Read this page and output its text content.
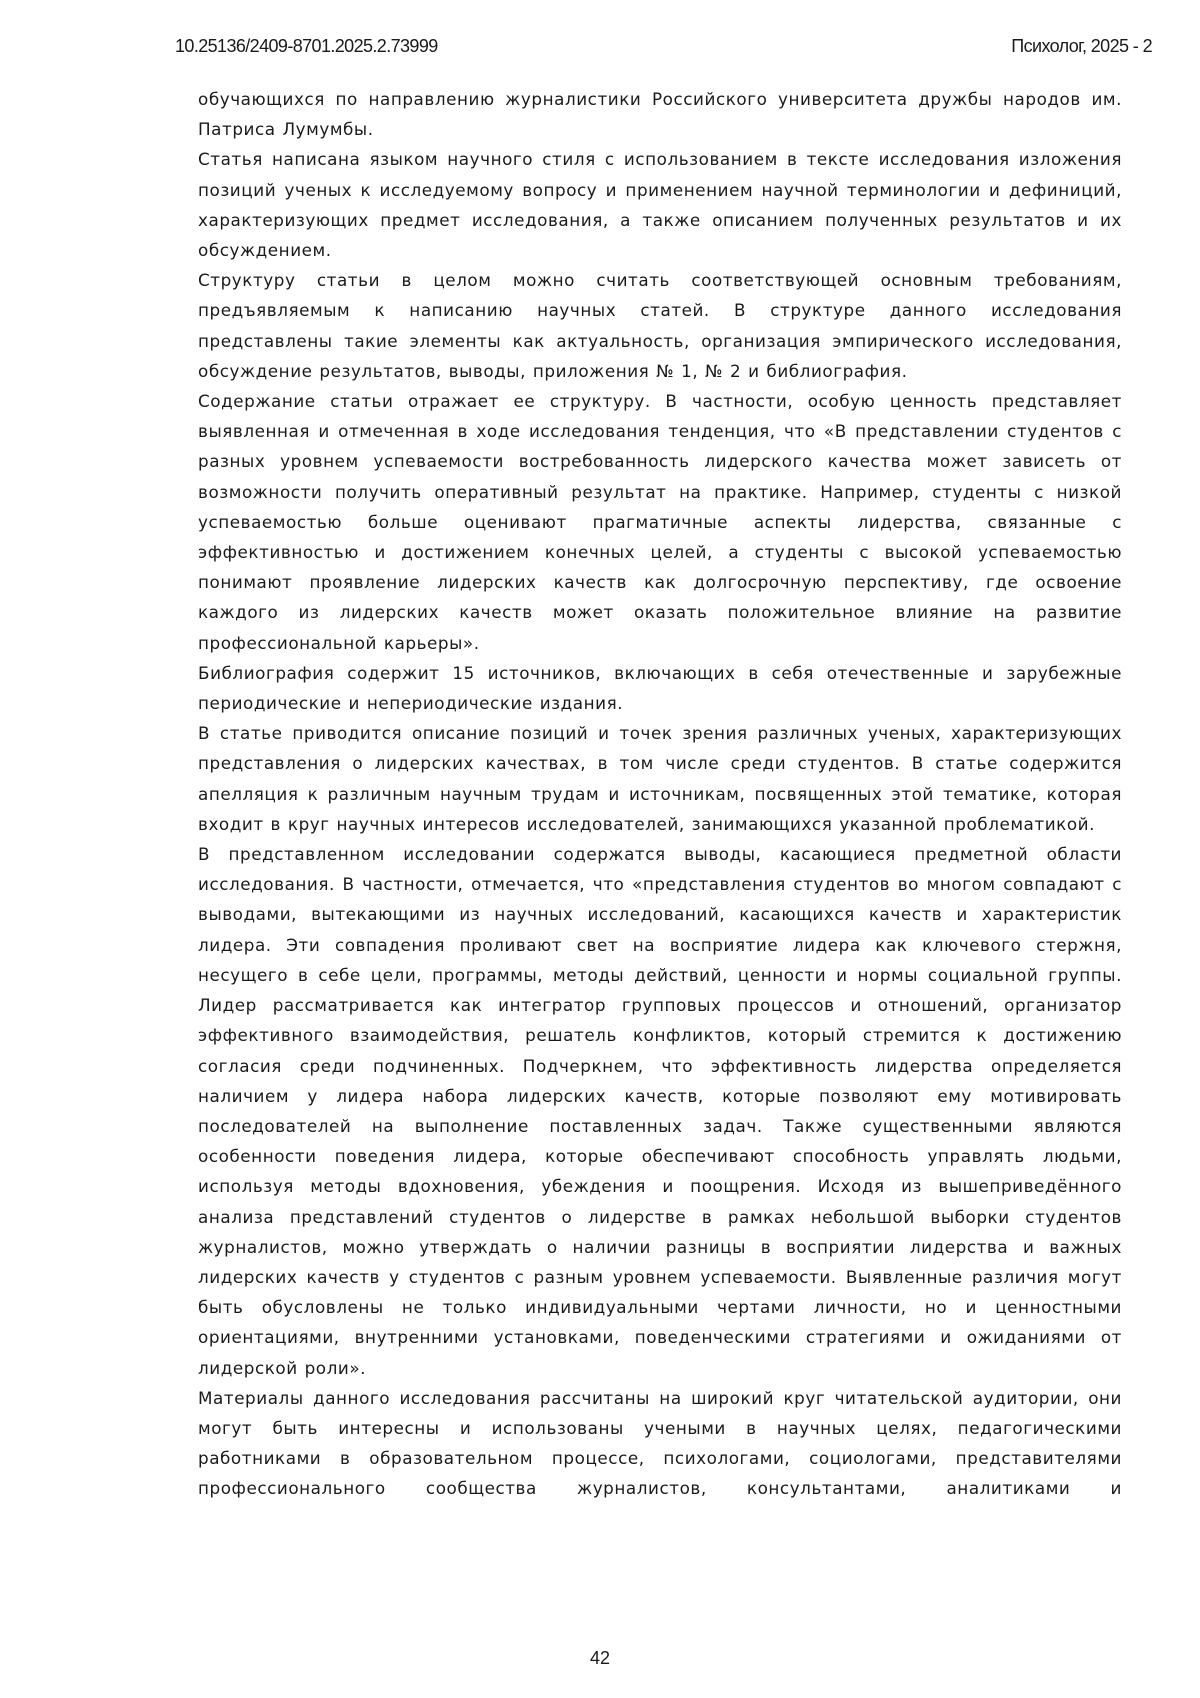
10.25136/2409-8701.2025.2.73999	Психолог, 2025 - 2

обучающихся по направлению журналистики Российского университета дружбы народов им. Патриса Лумумбы.

Статья написана языком научного стиля с использованием в тексте исследования изложения позиций ученых к исследуемому вопросу и применением научной терминологии и дефиниций, характеризующих предмет исследования, а также описанием полученных результатов и их обсуждением.

Структуру статьи в целом можно считать соответствующей основным требованиям, предъявляемым к написанию научных статей. В структуре данного исследования представлены такие элементы как актуальность, организация эмпирического исследования, обсуждение результатов, выводы, приложения № 1, № 2 и библиография.

Содержание статьи отражает ее структуру. В частности, особую ценность представляет выявленная и отмеченная в ходе исследования тенденция, что «В представлении студентов с разных уровнем успеваемости востребованность лидерского качества может зависеть от возможности получить оперативный результат на практике. Например, студенты с низкой успеваемостью больше оценивают прагматичные аспекты лидерства, связанные с эффективностью и достижением конечных целей, а студенты с высокой успеваемостью понимают проявление лидерских качеств как долгосрочную перспективу, где освоение каждого из лидерских качеств может оказать положительное влияние на развитие профессиональной карьеры».

Библиография содержит 15 источников, включающих в себя отечественные и зарубежные периодические и непериодические издания.

В статье приводится описание позиций и точек зрения различных ученых, характеризующих представления о лидерских качествах, в том числе среди студентов. В статье содержится апелляция к различным научным трудам и источникам, посвященных этой тематике, которая входит в круг научных интересов исследователей, занимающихся указанной проблематикой.

В представленном исследовании содержатся выводы, касающиеся предметной области исследования. В частности, отмечается, что «представления студентов во многом совпадают с выводами, вытекающими из научных исследований, касающихся качеств и характеристик лидера. Эти совпадения проливают свет на восприятие лидера как ключевого стержня, несущего в себе цели, программы, методы действий, ценности и нормы социальной группы. Лидер рассматривается как интегратор групповых процессов и отношений, организатор эффективного взаимодействия, решатель конфликтов, который стремится к достижению согласия среди подчиненных. Подчеркнем, что эффективность лидерства определяется наличием у лидера набора лидерских качеств, которые позволяют ему мотивировать последователей на выполнение поставленных задач. Также существенными являются особенности поведения лидера, которые обеспечивают способность управлять людьми, используя методы вдохновения, убеждения и поощрения. Исходя из вышеприведённого анализа представлений студентов о лидерстве в рамках небольшой выборки студентов журналистов, можно утверждать о наличии разницы в восприятии лидерства и важных лидерских качеств у студентов с разным уровнем успеваемости. Выявленные различия могут быть обусловлены не только индивидуальными чертами личности, но и ценностными ориентациями, внутренними установками, поведенческими стратегиями и ожиданиями от лидерской роли».

Материалы данного исследования рассчитаны на широкий круг читательской аудитории, они могут быть интересны и использованы учеными в научных целях, педагогическими работниками в образовательном процессе, психологами, социологами, представителями профессионального сообщества журналистов, консультантами, аналитиками и

42
